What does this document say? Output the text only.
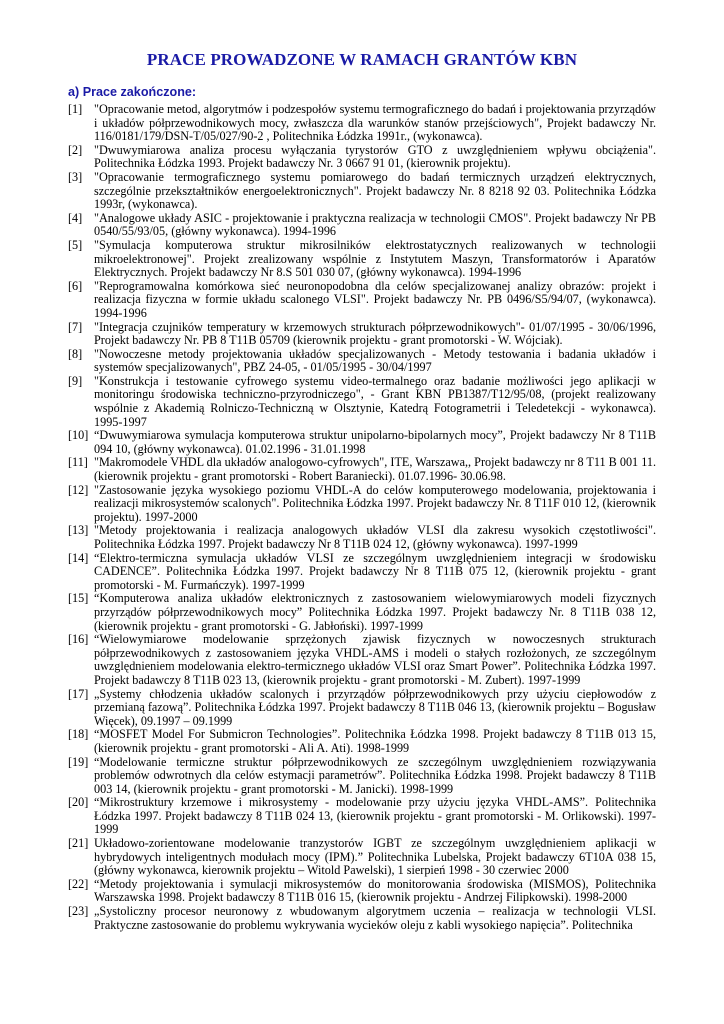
PRACE PROWADZONE W RAMACH GRANTÓW KBN
a) Prace zakończone:
[1] "Opracowanie metod, algorytmów i podzespołów systemu termograficznego do badań i projektowania przyrządów i układów półprzewodnikowych mocy, zwłaszcza dla warunków stanów przejściowych", Projekt badawczy Nr. 116/0181/179/DSN-T/05/027/90-2 , Politechnika Łódzka 1991r., (wykonawca).
[2] "Dwuwymiarowa analiza procesu wyłączania tyrystorów GTO z uwzględnieniem wpływu obciążenia". Politechnika Łódzka 1993. Projekt badawczy Nr. 3 0667 91 01, (kierownik projektu).
[3] "Opracowanie termograficznego systemu pomiarowego do badań termicznych urządzeń elektrycznych, szczególnie przekształtników energoelektronicznych". Projekt badawczy Nr. 8 8218 92 03. Politechnika Łódzka 1993r, (wykonawca).
[4] "Analogowe układy ASIC - projektowanie i praktyczna realizacja w technologii CMOS". Projekt badawczy Nr PB 0540/55/93/05, (główny wykonawca). 1994-1996
[5] "Symulacja komputerowa struktur mikrosilników elektrostatycznych realizowanych w technologii mikroelektronowej". Projekt zrealizowany wspólnie z Instytutem Maszyn, Transformatorów i Aparatów Elektrycznych. Projekt badawczy Nr 8.S 501 030 07, (główny wykonawca). 1994-1996
[6] "Reprogramowalna komórkowa sieć neuronopodobna dla celów specjalizowanej analizy obrazów: projekt i realizacja fizyczna w formie układu scalonego VLSI". Projekt badawczy Nr. PB 0496/S5/94/07, (wykonawca). 1994-1996
[7] "Integracja czujników temperatury w krzemowych strukturach półprzewodnikowych"- 01/07/1995 - 30/06/1996, Projekt badawczy Nr. PB 8 T11B 05709 (kierownik projektu - grant promotorski - W. Wójciak).
[8] "Nowoczesne metody projektowania układów specjalizowanych - Metody testowania i badania układów i systemów specjalizowanych", PBZ 24-05, - 01/05/1995 - 30/04/1997
[9] "Konstrukcja i testowanie cyfrowego systemu video-termalnego oraz badanie możliwości jego aplikacji w monitoringu środowiska techniczno-przyrodniczego", - Grant KBN PB1387/T12/95/08, (projekt realizowany wspólnie z Akademią Rolniczo-Techniczną w Olsztynie, Katedrą Fotogrametrii i Teledetekcji - wykonawca). 1995-1997
[10] “Dwuwymiarowa symulacja komputerowa struktur unipolarno-bipolarnych mocy”, Projekt badawczy Nr 8 T11B 094 10, (główny wykonawca). 01.02.1996 - 31.01.1998
[11] "Makromodele VHDL dla układów analogowo-cyfrowych", ITE, Warszawa,, Projekt badawczy nr 8 T11 B 001 11. (kierownik projektu - grant promotorski - Robert Baraniecki). 01.07.1996- 30.06.98.
[12] "Zastosowanie języka wysokiego poziomu VHDL-A do celów komputerowego modelowania, projektowania i realizacji mikrosystemów scalonych". Politechnika Łódzka 1997. Projekt badawczy Nr. 8 T11F 010 12, (kierownik projektu). 1997-2000
[13] "Metody projektowania i realizacja analogowych układów VLSI dla zakresu wysokich częstotliwości". Politechnika Łódzka 1997. Projekt badawczy Nr 8 T11B 024 12, (główny wykonawca). 1997-1999
[14] “Elektro-termiczna symulacja układów VLSI ze szczególnym uwzględnieniem integracji w środowisku CADENCE”. Politechnika Łódzka 1997. Projekt badawczy Nr 8 T11B 075 12, (kierownik projektu - grant promotorski - M. Furmańczyk). 1997-1999
[15] “Komputerowa analiza układów elektronicznych z zastosowaniem wielowymiarowych modeli fizycznych przyrządów półprzewodnikowych mocy” Politechnika Łódzka 1997. Projekt badawczy Nr. 8 T11B 038 12, (kierownik projektu - grant promotorski - G. Jabłoński). 1997-1999
[16] “Wielowymiarowe modelowanie sprzężonych zjawisk fizycznych w nowoczesnych strukturach półprzewodnikowych z zastosowaniem języka VHDL-AMS i modeli o stałych rozłożonych, ze szczególnym uwzględnieniem modelowania elektro-termicznego układów VLSI oraz Smart Power”. Politechnika Łódzka 1997. Projekt badawczy 8 T11B 023 13, (kierownik projektu - grant promotorski - M. Zubert). 1997-1999
[17] „Systemy chłodzenia układów scalonych i przyrządów półprzewodnikowych przy użyciu ciepłowodów z przemianą fazową”. Politechnika Łódzka 1997. Projekt badawczy 8 T11B 046 13, (kierownik projektu – Bogusław Więcek), 09.1997 – 09.1999
[18] “MOSFET Model For Submicron Technologies”. Politechnika Łódzka 1998. Projekt badawczy 8 T11B 013 15, (kierownik projektu - grant promotorski - Ali A. Ati). 1998-1999
[19] “Modelowanie termiczne struktur półprzewodnikowych ze szczególnym uwzględnieniem rozwiązywania problemów odwrotnych dla celów estymacji parametrów”. Politechnika Łódzka 1998. Projekt badawczy 8 T11B 003 14, (kierownik projektu - grant promotorski - M. Janicki). 1998-1999
[20] “Mikrostruktury krzemowe i mikrosystemy - modelowanie przy użyciu języka VHDL-AMS”. Politechnika Łódzka 1997. Projekt badawczy 8 T11B 024 13, (kierownik projektu - grant promotorski - M. Orlikowski). 1997-1999
[21] Układowo-zorientowane modelowanie tranzystorów IGBT ze szczególnym uwzględnieniem aplikacji w hybrydowych inteligentnych modułach mocy (IPM).” Politechnika Lubelska, Projekt badawczy 6T10A 038 15, (główny wykonawca, kierownik projektu – Witold Pawelski), 1 sierpień 1998 - 30 czerwiec 2000
[22] “Metody projektowania i symulacji mikrosystemów do monitorowania środowiska (MISMOS), Politechnika Warszawska 1998. Projekt badawczy 8 T11B 016 15, (kierownik projektu - Andrzej Filipkowski). 1998-2000
[23] „Systoliczny procesor neuronowy z wbudowanym algorytmem uczenia – realizacja w technologii VLSI. Praktyczne zastosowanie do problemu wykrywania wycieków oleju z kabli wysokiego napięcia”. Politechnika
